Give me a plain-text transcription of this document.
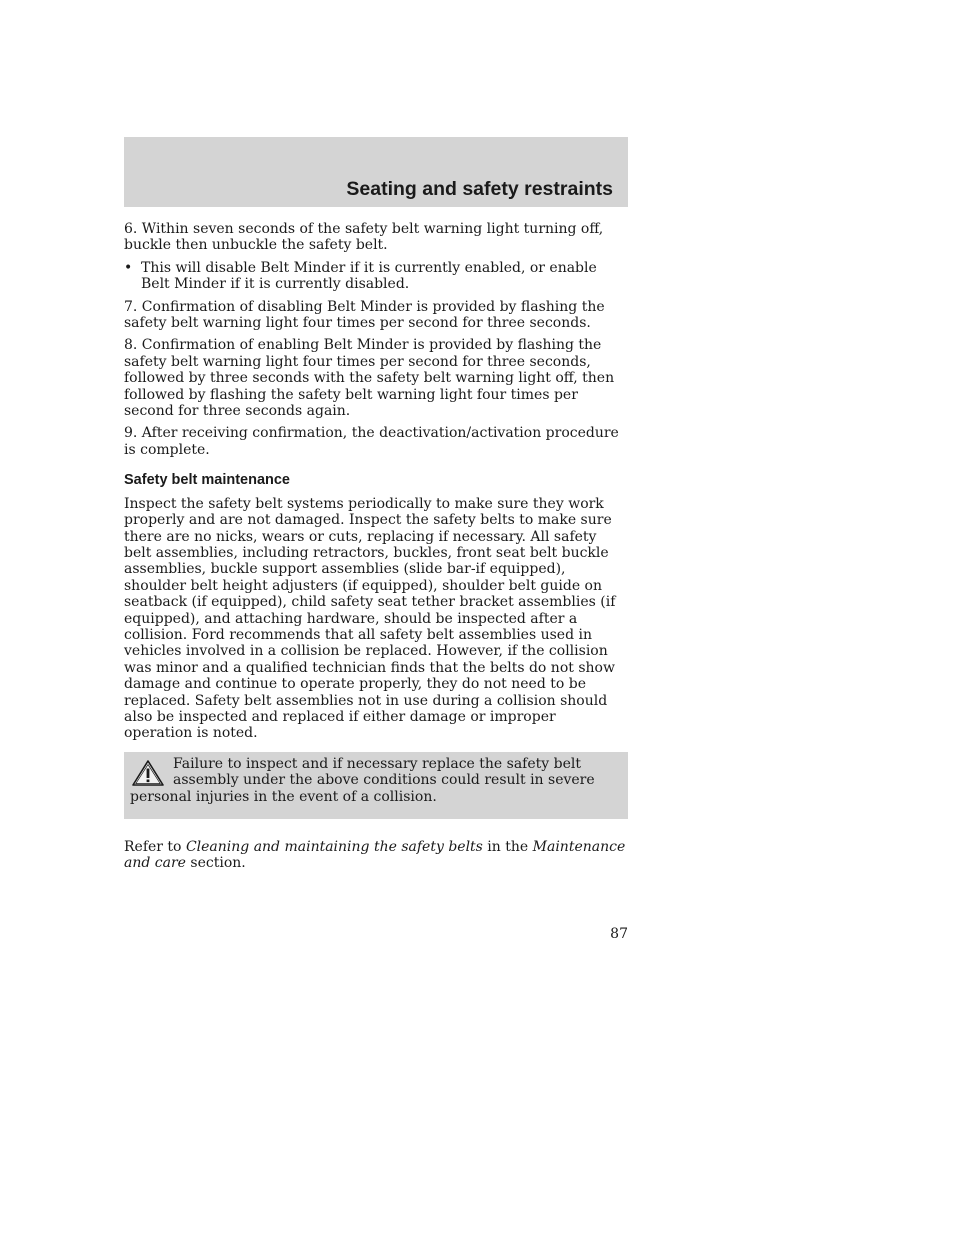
Seating and safety restraints

6. Within seven seconds of the safety belt warning light turning off, buckle then unbuckle the safety belt.

• This will disable Belt Minder if it is currently enabled, or enable Belt Minder if it is currently disabled.

7. Confirmation of disabling Belt Minder is provided by flashing the safety belt warning light four times per second for three seconds.

8. Confirmation of enabling Belt Minder is provided by flashing the safety belt warning light four times per second for three seconds, followed by three seconds with the safety belt warning light off, then followed by flashing the safety belt warning light four times per second for three seconds again.

9. After receiving confirmation, the deactivation/activation procedure is complete.

Safety belt maintenance

Inspect the safety belt systems periodically to make sure they work properly and are not damaged. Inspect the safety belts to make sure there are no nicks, wears or cuts, replacing if necessary. All safety belt assemblies, including retractors, buckles, front seat belt buckle assemblies, buckle support assemblies (slide bar-if equipped), shoulder belt height adjusters (if equipped), shoulder belt guide on seatback (if equipped), child safety seat tether bracket assemblies (if equipped), and attaching hardware, should be inspected after a collision. Ford recommends that all safety belt assemblies used in vehicles involved in a collision be replaced. However, if the collision was minor and a qualified technician finds that the belts do not show damage and continue to operate properly, they do not need to be replaced. Safety belt assemblies not in use during a collision should also be inspected and replaced if either damage or improper operation is noted.

Failure to inspect and if necessary replace the safety belt assembly under the above conditions could result in severe personal injuries in the event of a collision.

Refer to Cleaning and maintaining the safety belts in the Maintenance and care section.

87
